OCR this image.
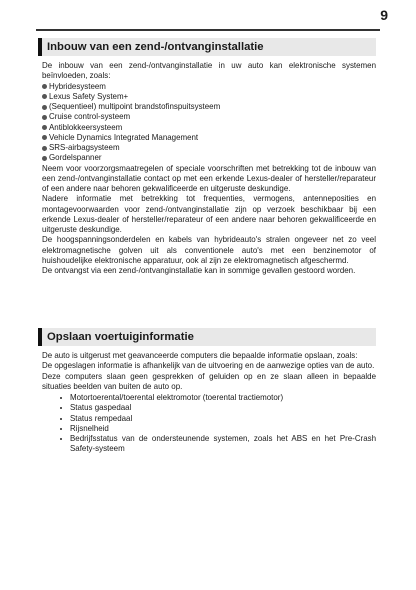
9
Inbouw van een zend-/ontvanginstallatie

De inbouw van een zend-/ontvanginstallatie in uw auto kan elektronische systemen beïnvloeden, zoals:

Hybridesysteem
Lexus Safety System+
(Sequentieel) multipoint brandstofinspuitsysteem
Cruise control-systeem
Antiblokkeersysteem
Vehicle Dynamics Integrated Management
SRS-airbagsysteem
Gordelspanner

Neem voor voorzorgsmaatregelen of speciale voorschriften met betrekking tot de inbouw van een zend-/ontvanginstallatie contact op met een erkende Lexus-dealer of hersteller/reparateur of een andere naar behoren gekwalificeerde en uitgeruste deskundige.

Nadere informatie met betrekking tot frequenties, vermogens, antenneposities en montagevoorwaarden voor zend-/ontvanginstallatie zijn op verzoek beschikbaar bij een erkende Lexus-dealer of hersteller/reparateur of een andere naar behoren gekwalificeerde en uitgeruste deskundige.

De hoogspanningsonderdelen en kabels van hybrideauto's stralen ongeveer net zo veel elektromagnetische golven uit als conventionele auto's met een benzinemotor of huishoudelijke elektronische apparatuur, ook al zijn ze elektromagnetisch afgeschermd.

De ontvangst via een zend-/ontvanginstallatie kan in sommige gevallen gestoord worden.

Opslaan voertuiginformatie

De auto is uitgerust met geavanceerde computers die bepaalde informatie opslaan, zoals:

De opgeslagen informatie is afhankelijk van de uitvoering en de aanwezige opties van de auto.

Deze computers slaan geen gesprekken of geluiden op en ze slaan alleen in bepaalde situaties beelden van buiten de auto op.

Motortoerental/toerental elektromotor (toerental tractiemotor)
Status gaspedaal
Status rempedaal
Rijsnelheid
Bedrijfsstatus van de ondersteunende systemen, zoals het ABS en het Pre-Crash Safety-systeem
